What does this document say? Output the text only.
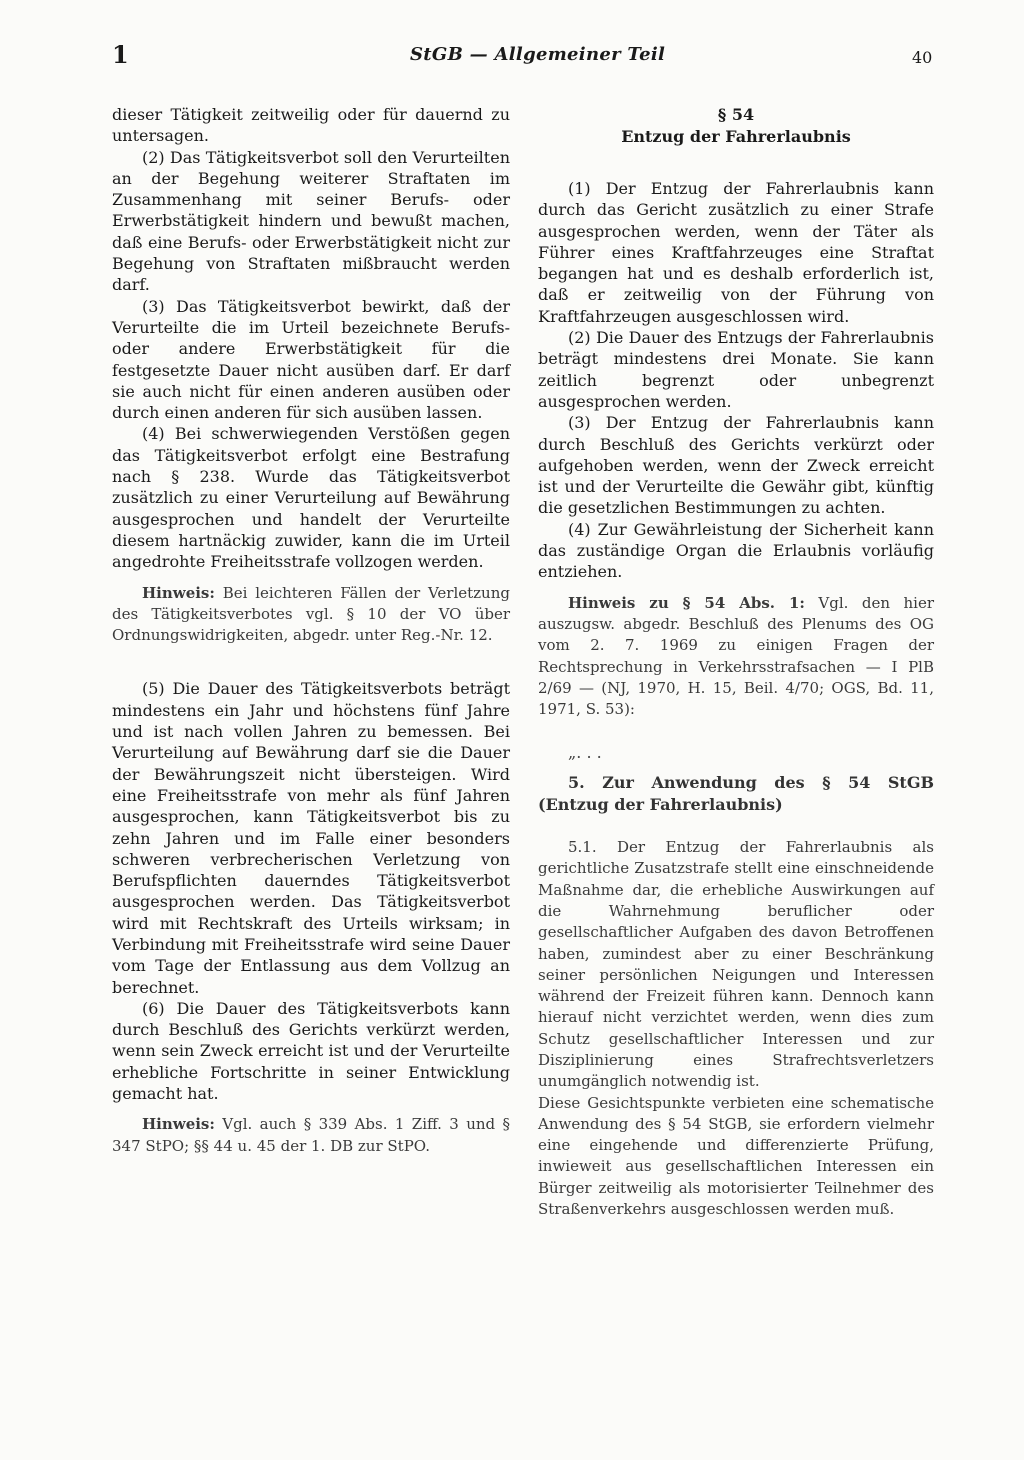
1	StGB — Allgemeiner Teil	40

dieser Tätigkeit zeitweilig oder für dauernd zu untersagen.

(2) Das Tätigkeitsverbot soll den Verurteilten an der Begehung weiterer Straftaten im Zusammenhang mit seiner Berufs- oder Erwerbstätigkeit hindern und bewußt machen, daß eine Berufs- oder Erwerbstätigkeit nicht zur Begehung von Straftaten mißbraucht werden darf.

(3) Das Tätigkeitsverbot bewirkt, daß der Verurteilte die im Urteil bezeichnete Berufs- oder andere Erwerbstätigkeit für die festgesetzte Dauer nicht ausüben darf. Er darf sie auch nicht für einen anderen ausüben oder durch einen anderen für sich ausüben lassen.

(4) Bei schwerwiegenden Verstößen gegen das Tätigkeitsverbot erfolgt eine Bestrafung nach § 238. Wurde das Tätigkeitsverbot zusätzlich zu einer Verurteilung auf Bewährung ausgesprochen und handelt der Verurteilte diesem hartnäckig zuwider, kann die im Urteil angedrohte Freiheitsstrafe vollzogen werden.

Hinweis: Bei leichteren Fällen der Verletzung des Tätigkeitsverbotes vgl. § 10 der VO über Ordnungswidrigkeiten, abgedr. unter Reg.-Nr. 12.

(5) Die Dauer des Tätigkeitsverbots beträgt mindestens ein Jahr und höchstens fünf Jahre und ist nach vollen Jahren zu bemessen. Bei Verurteilung auf Bewährung darf sie die Dauer der Bewährungszeit nicht übersteigen. Wird eine Freiheitsstrafe von mehr als fünf Jahren ausgesprochen, kann Tätigkeitsverbot bis zu zehn Jahren und im Falle einer besonders schweren verbrecherischen Verletzung von Berufspflichten dauerndes Tätigkeitsverbot ausgesprochen werden. Das Tätigkeitsverbot wird mit Rechtskraft des Urteils wirksam; in Verbindung mit Freiheitsstrafe wird seine Dauer vom Tage der Entlassung aus dem Vollzug an berechnet.

(6) Die Dauer des Tätigkeitsverbots kann durch Beschluß des Gerichts verkürzt werden, wenn sein Zweck erreicht ist und der Verurteilte erhebliche Fortschritte in seiner Entwicklung gemacht hat.

Hinweis: Vgl. auch § 339 Abs. 1 Ziff. 3 und § 347 StPO; §§ 44 u. 45 der 1. DB zur StPO.

§ 54
Entzug der Fahrerlaubnis

(1) Der Entzug der Fahrerlaubnis kann durch das Gericht zusätzlich zu einer Strafe ausgesprochen werden, wenn der Täter als Führer eines Kraftfahrzeuges eine Straftat begangen hat und es deshalb erforderlich ist, daß er zeitweilig von der Führung von Kraftfahrzeugen ausgeschlossen wird.

(2) Die Dauer des Entzugs der Fahrerlaubnis beträgt mindestens drei Monate. Sie kann zeitlich begrenzt oder unbegrenzt ausgesprochen werden.

(3) Der Entzug der Fahrerlaubnis kann durch Beschluß des Gerichts verkürzt oder aufgehoben werden, wenn der Zweck erreicht ist und der Verurteilte die Gewähr gibt, künftig die gesetzlichen Bestimmungen zu achten.

(4) Zur Gewährleistung der Sicherheit kann das zuständige Organ die Erlaubnis vorläufig entziehen.

Hinweis zu § 54 Abs. 1: Vgl. den hier auszugsw. abgedr. Beschluß des Plenums des OG vom 2. 7. 1969 zu einigen Fragen der Rechtsprechung in Verkehrsstrafsachen — I PlB 2/69 — (NJ, 1970, H. 15, Beil. 4/70; OGS, Bd. 11, 1971, S. 53):

„. . .

5. Zur Anwendung des § 54 StGB (Entzug der Fahrerlaubnis)

5.1. Der Entzug der Fahrerlaubnis als gerichtliche Zusatzstrafe stellt eine einschneidende Maßnahme dar, die erhebliche Auswirkungen auf die Wahrnehmung beruflicher oder gesellschaftlicher Aufgaben des davon Betroffenen haben, zumindest aber zu einer Beschränkung seiner persönlichen Neigungen und Interessen während der Freizeit führen kann. Dennoch kann hierauf nicht verzichtet werden, wenn dies zum Schutz gesellschaftlicher Interessen und zur Disziplinierung eines Strafrechtsverletzers unumgänglich notwendig ist.

Diese Gesichtspunkte verbieten eine schematische Anwendung des § 54 StGB, sie erfordern vielmehr eine eingehende und differenzierte Prüfung, inwieweit aus gesellschaftlichen Interessen ein Bürger zeitweilig als motorisierter Teilnehmer des Straßenverkehrs ausgeschlossen werden muß.
